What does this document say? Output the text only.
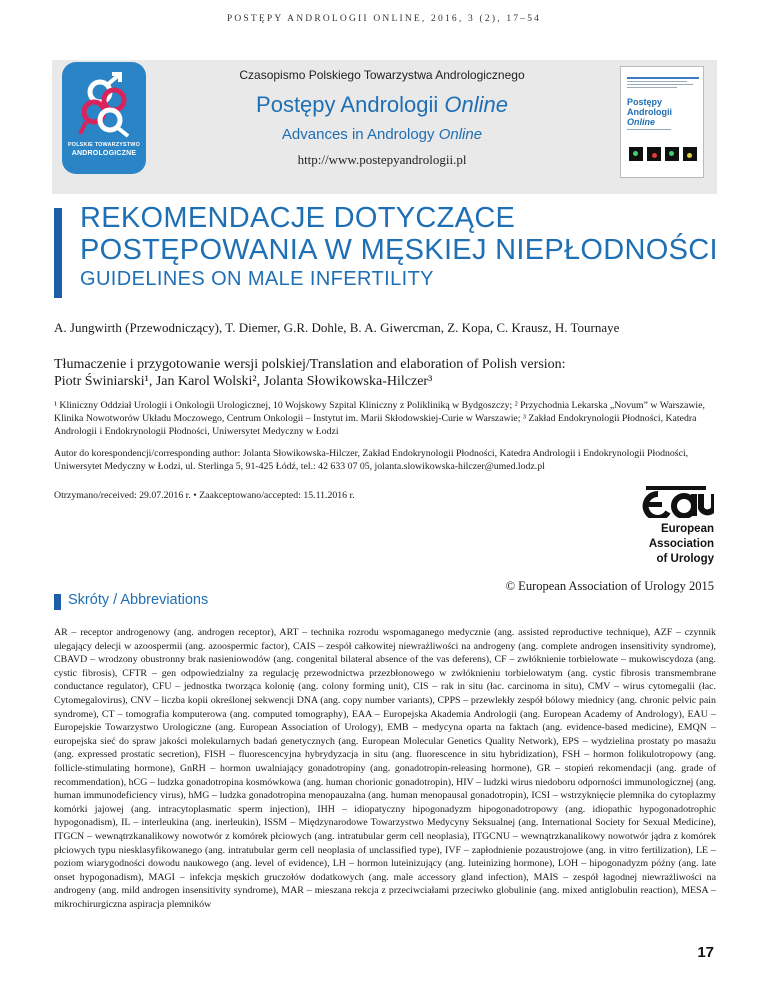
POSTĘPY ANDROLOGII ONLINE, 2016, 3 (2), 17–54
POLSKIE TOWARZYSTWO
ANDROLOGICZNE
Czasopismo Polskiego Towarzystwa Andrologicznego
Postępy Andrologii Online
Advances in Andrology Online
http://www.postepyandrologii.pl
Postępy
Andrologii
Online
REKOMENDACJE DOTYCZĄCE
POSTĘPOWANIA W MĘSKIEJ NIEPŁODNOŚCI
GUIDELINES ON MALE INFERTILITY
A. Jungwirth (Przewodniczący), T. Diemer, G.R. Dohle, B. A. Giwercman, Z. Kopa, C. Krausz, H. Tournaye
Tłumaczenie i przygotowanie wersji polskiej/Translation and elaboration of Polish version:
Piotr Świniarski¹, Jan Karol Wolski², Jolanta Słowikowska-Hilczer³
¹ Kliniczny Oddział Urologii i Onkologii Urologicznej, 10 Wojskowy Szpital Kliniczny z Polikliniką w Bydgoszczy; ² Przychodnia Lekarska „Novum” w Warszawie, Klinika Nowotworów Układu Moczowego, Centrum Onkologii – Instytut im. Marii Skłodowskiej-Curie w Warszawie; ³ Zakład Endokrynologii Płodności, Katedra Andrologii i Endokrynologii Płodności, Uniwersytet Medyczny w Łodzi
Autor do korespondencji/corresponding author: Jolanta Słowikowska-Hilczer, Zakład Endokrynologii Płodności, Katedra Andrologii i Endokrynologii Płodności, Uniwersytet Medyczny w Łodzi, ul. Sterlinga 5, 91-425 Łódź, tel.: 42 633 07 05, jolanta.slowikowska-hilczer@umed.lodz.pl
Otrzymano/received: 29.07.2016 r. • Zaakceptowano/accepted: 15.11.2016 r.
European
Association
of Urology
© European Association of Urology 2015
Skróty / Abbreviations
AR – receptor androgenowy (ang. androgen receptor), ART – technika rozrodu wspomaganego medycznie (ang. assisted reproductive technique), AZF – czynnik ulegający delecji w azoospermii (ang. azoospermic factor), CAIS – zespół całkowitej niewrażliwości na androgeny (ang. complete androgen insensitivity syndrome), CBAVD – wrodzony obustronny brak nasieniowodów (ang. congenital bilateral absence of the vas deferens), CF – zwłóknienie torbielowate – mukowiscydoza (ang. cystic fibrosis), CFTR – gen odpowiedzialny za regulację przewodnictwa przezbłonowego w zwłóknieniu torbielowatym (ang. cystic fibrosis transmembrane conductance regulator), CFU – jednostka tworząca kolonię (ang. colony forming unit), CIS – rak in situ (łac. carcinoma in situ), CMV – wirus cytomegalii (łac. Cytomegalovirus), CNV – liczba kopii określonej sekwencji DNA (ang. copy number variants), CPPS – przewlekły zespół bólowy miednicy (ang. chronic pelvic pain syndrome), CT – tomografia komputerowa (ang. computed tomography), EAA – Europejska Akademia Andrologii (ang. European Academy of Andrology), EAU – Europejskie Towarzystwo Urologiczne (ang. European Association of Urology), EMB – medycyna oparta na faktach (ang. evidence-based medicine), EMQN – europejska sieć do spraw jakości molekularnych badań genetycznych (ang. European Molecular Genetics Quality Network), EPS – wydzielina prostaty po masażu (ang. expressed prostatic secretion), FISH – fluorescencyjna hybrydyzacja in situ (ang. fluorescence in situ hybridization), FSH – hormon folikulotropowy (ang. follicle-stimulating hormone), GnRH – hormon uwalniający gonadotropiny (ang. gonadotropin-releasing hormone), GR – stopień rekomendacji (ang. grade of recommendation), hCG – ludzka gonadotropina kosmówkowa (ang. human chorionic gonadotropin), HIV – ludzki wirus niedoboru odporności immunologicznej (ang. human immunodeficiency virus), hMG – ludzka gonadotropina menopauzalna (ang. human menopausal gonadotropin), ICSI – wstrzyknięcie plemnika do cytoplazmy komórki jajowej (ang. intracytoplasmatic sperm injection), IHH – idiopatyczny hipogonadyzm hipogonadotropowy (ang. idiopathic hypogonadotrophic hypogonadism), IL – interleukina (ang. inerleukin), ISSM – Międzynarodowe Towarzystwo Medycyny Seksualnej (ang. International Society for Sexual Medicine), ITGCN – wewnątrzkanalikowy nowotwór z komórek płciowych (ang. intratubular germ cell neoplasia), ITGCNU – wewnątrzkanalikowy nowotwór jądra z komórek płciowych typu niesklasyfikowanego (ang. intratubular germ cell neoplasia of unclassified type), IVF – zapłodnienie pozaustrojowe (ang. in vitro fertilization), LE – poziom wiarygodności dowodu naukowego (ang. level of evidence), LH – hormon luteinizujący (ang. luteinizing hormone), LOH – hipogonadyzm późny (ang. late onset hypogonadism), MAGI – infekcja męskich gruczołów dodatkowych (ang. male accessory gland infection), MAIS – zespół łagodnej niewrażliwości na androgeny (ang. mild androgen insensitivity syndrome), MAR – mieszana rekcja z przeciwciałami przeciwko globulinie (ang. mixed antiglobulin reaction), MESA – mikrochirurgiczna aspiracja plemników
17
